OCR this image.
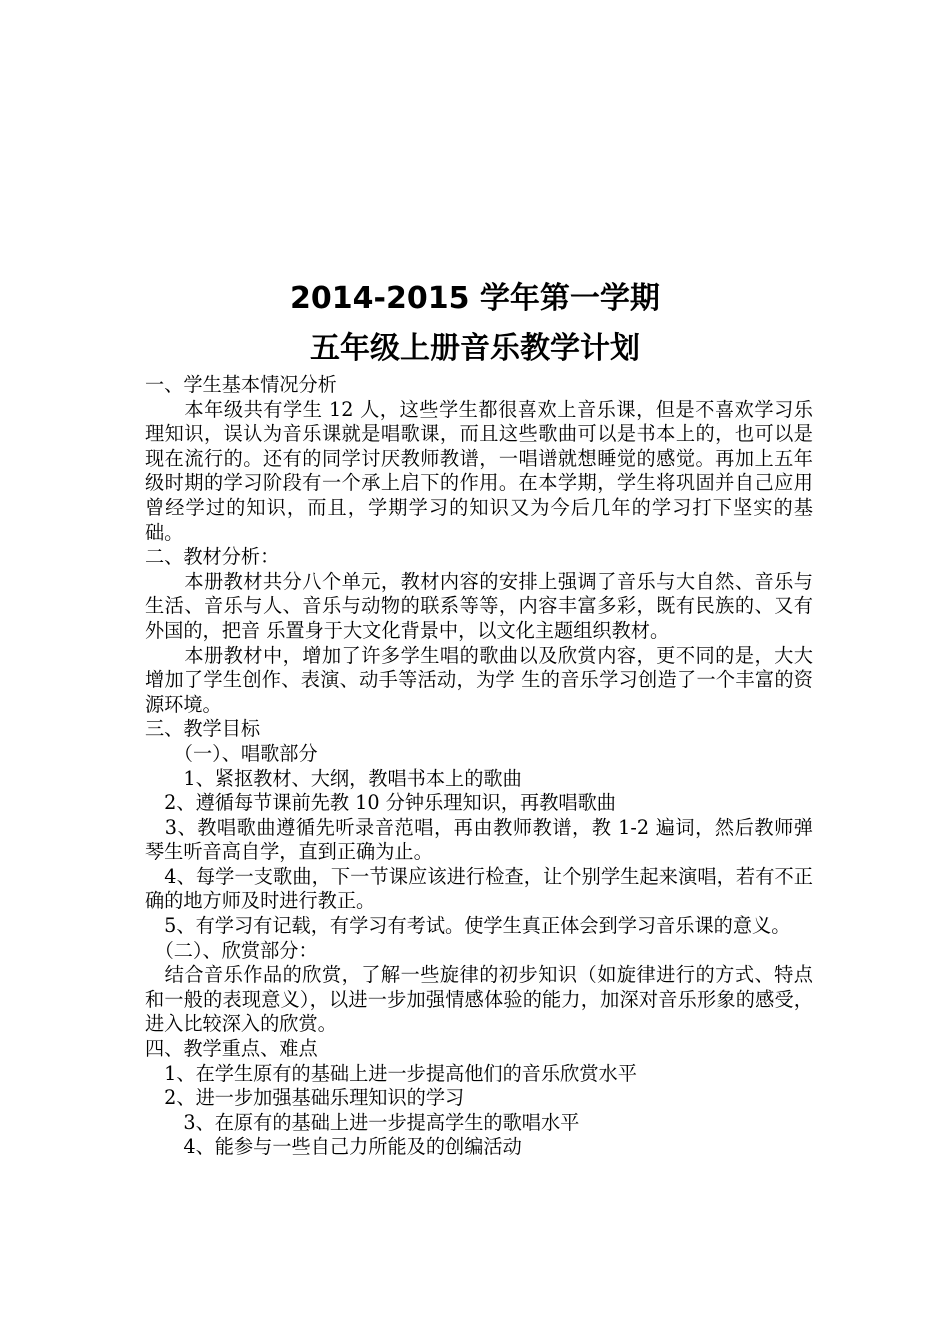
2014-2015 学年第一学期
五年级上册音乐教学计划

一、学生基本情况分析

　　本年级共有学生 12 人，这些学生都很喜欢上音乐课，但是不喜欢学习乐理知识，误认为音乐课就是唱歌课，而且这些歌曲可以是书本上的，也可以是现在流行的。还有的同学讨厌教师教谱，一唱谱就想睡觉的感觉。再加上五年级时期的学习阶段有一个承上启下的作用。在本学期，学生将巩固并自己应用曾经学过的知识，而且，学期学习的知识又为今后几年的学习打下坚实的基础。

二、教材分析：

　　本册教材共分八个单元，教材内容的安排上强调了音乐与大自然、音乐与生活、音乐与人、音乐与动物的联系等等，内容丰富多彩，既有民族的、又有外国的，把音 乐置身于大文化背景中，以文化主题组织教材。

　　本册教材中，增加了许多学生唱的歌曲以及欣赏内容，更不同的是，大大增加了学生创作、表演、动手等活动，为学 生的音乐学习创造了一个丰富的资源环境。

三、教学目标

　　（一）、唱歌部分

　　1、紧抠教材、大纲，教唱书本上的歌曲

　2、遵循每节课前先教 10 分钟乐理知识，再教唱歌曲

　3、教唱歌曲遵循先听录音范唱，再由教师教谱，教 1-2 遍词，然后教师弹琴生听音高自学，直到正确为止。

　4、每学一支歌曲，下一节课应该进行检查，让个别学生起来演唱，若有不正确的地方师及时进行教正。

　5、有学习有记载，有学习有考试。使学生真正体会到学习音乐课的意义。

　（二）、欣赏部分：

　结合音乐作品的欣赏，了解一些旋律的初步知识（如旋律进行的方式、特点和一般的表现意义），以进一步加强情感体验的能力，加深对音乐形象的感受，进入比较深入的欣赏。

四、教学重点、难点

　1、在学生原有的基础上进一步提高他们的音乐欣赏水平

　2、进一步加强基础乐理知识的学习

　　3、在原有的基础上进一步提高学生的歌唱水平

　　4、能参与一些自己力所能及的创编活动
